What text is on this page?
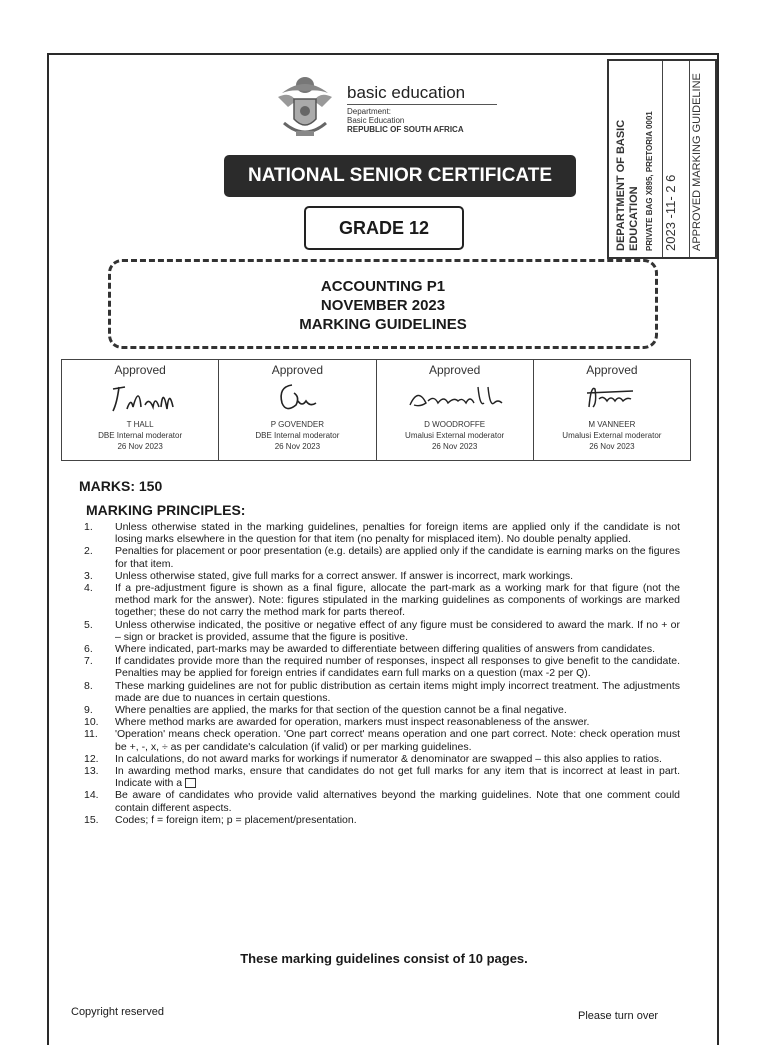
basic education
Department:
Basic Education
REPUBLIC OF SOUTH AFRICA
NATIONAL SENIOR CERTIFICATE
GRADE 12
ACCOUNTING P1
NOVEMBER 2023
MARKING GUIDELINES
DEPARTMENT OF BASIC EDUCATION PRIVATE BAG X895, PRETORIA 0001 2023 -11- 2 6 APPROVED MARKING GUIDELINE
Approved
T HALL
DBE Internal moderator
26 Nov 2023
Approved
P GOVENDER
DBE Internal moderator
26 Nov 2023
Approved
D WOODROFFE
Umalusi External moderator
26 Nov 2023
Approved
M VANNEER
Umalusi External moderator
26 Nov 2023
MARKS: 150
MARKING PRINCIPLES:
1. Unless otherwise stated in the marking guidelines, penalties for foreign items are applied only if the candidate is not losing marks elsewhere in the question for that item (no penalty for misplaced item). No double penalty applied.
2. Penalties for placement or poor presentation (e.g. details) are applied only if the candidate is earning marks on the figures for that item.
3. Unless otherwise stated, give full marks for a correct answer. If answer is incorrect, mark workings.
4. If a pre-adjustment figure is shown as a final figure, allocate the part-mark as a working mark for that figure (not the method mark for the answer). Note: figures stipulated in the marking guidelines as components of workings are marked together; these do not carry the method mark for parts thereof.
5. Unless otherwise indicated, the positive or negative effect of any figure must be considered to award the mark. If no + or – sign or bracket is provided, assume that the figure is positive.
6. Where indicated, part-marks may be awarded to differentiate between differing qualities of answers from candidates.
7. If candidates provide more than the required number of responses, inspect all responses to give benefit to the candidate. Penalties may be applied for foreign entries if candidates earn full marks on a question (max -2 per Q).
8. These marking guidelines are not for public distribution as certain items might imply incorrect treatment. The adjustments made are due to nuances in certain questions.
9. Where penalties are applied, the marks for that section of the question cannot be a final negative.
10. Where method marks are awarded for operation, markers must inspect reasonableness of the answer.
11. 'Operation' means check operation. 'One part correct' means operation and one part correct. Note: check operation must be +, -, x, ÷ as per candidate's calculation (if valid) or per marking guidelines.
12. In calculations, do not award marks for workings if numerator & denominator are swapped – this also applies to ratios.
13. In awarding method marks, ensure that candidates do not get full marks for any item that is incorrect at least in part. Indicate with a
14. Be aware of candidates who provide valid alternatives beyond the marking guidelines. Note that one comment could contain different aspects.
15. Codes; f = foreign item; p = placement/presentation.
These marking guidelines consist of 10 pages.
Copyright reserved	Please turn over
